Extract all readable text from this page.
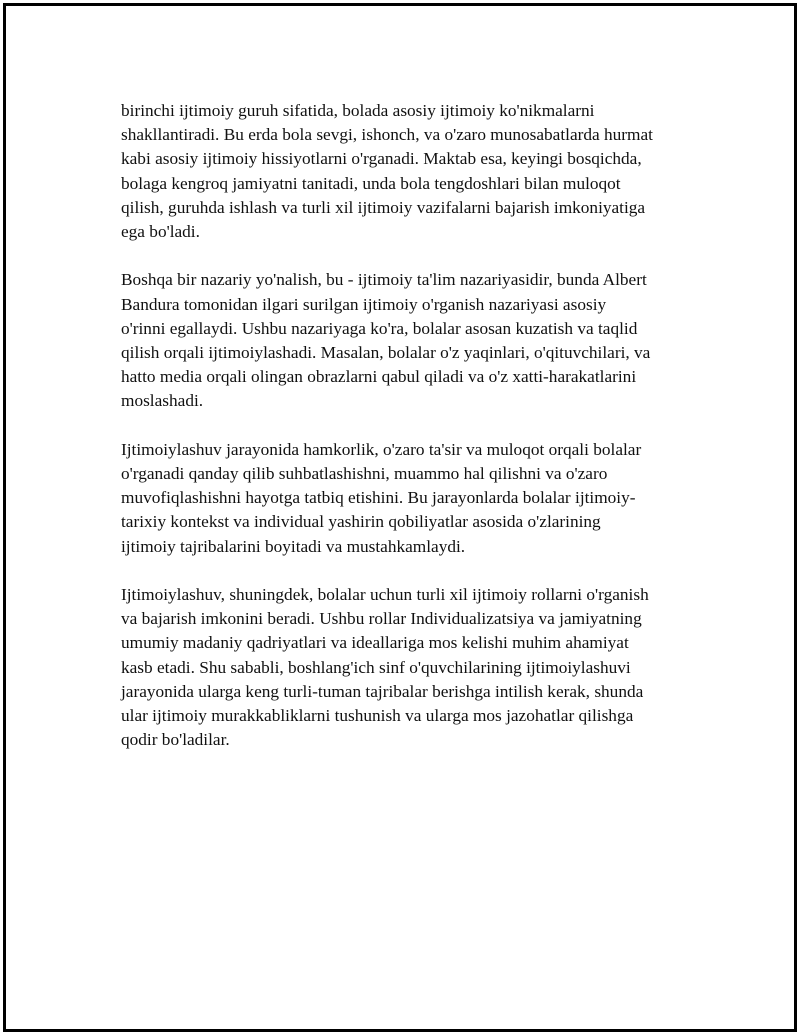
birinchi ijtimoiy guruh sifatida, bolada asosiy ijtimoiy ko'nikmalarni
shakllantiradi. Bu erda bola sevgi, ishonch, va o'zaro munosabatlarda hurmat
kabi asosiy ijtimoiy hissiyotlarni o'rganadi. Maktab esa, keyingi bosqichda,
bolaga kengroq jamiyatni tanitadi, unda bola tengdoshlari bilan muloqot
qilish, guruhda ishlash va turli xil ijtimoiy vazifalarni bajarish imkoniyatiga
ega bo'ladi.

Boshqa bir nazariy yo'nalish, bu - ijtimoiy ta'lim nazariyasidir, bunda Albert
Bandura tomonidan ilgari surilgan ijtimoiy o'rganish nazariyasi asosiy
o'rinni egallaydi. Ushbu nazariyaga ko'ra, bolalar asosan kuzatish va taqlid
qilish orqali ijtimoiylashadi. Masalan, bolalar o'z yaqinlari, o'qituvchilari, va
hatto media orqali olingan obrazlarni qabul qiladi va o'z xatti-harakatlarini
moslashadi.

Ijtimoiylashuv jarayonida hamkorlik, o'zaro ta'sir va muloqot orqali bolalar
o'rganadi qanday qilib suhbatlashishni, muammo hal qilishni va o'zaro
muvofiqlashishni hayotga tatbiq etishini. Bu jarayonlarda bolalar ijtimoiy-
tarixiy kontekst va individual yashirin qobiliyatlar asosida o'zlarining
ijtimoiy tajribalarini boyitadi va mustahkamlaydi.

Ijtimoiylashuv, shuningdek, bolalar uchun turli xil ijtimoiy rollarni o'rganish
va bajarish imkonini beradi. Ushbu rollar Individualizatsiya va jamiyatning
umumiy madaniy qadriyatlari va ideallariga mos kelishi muhim ahamiyat
kasb etadi. Shu sababli, boshlang'ich sinf o'quvchilarining ijtimoiylashuvi
jarayonida ularga keng turli-tuman tajribalar berishga intilish kerak, shunda
ular ijtimoiy murakkabliklarni tushunish va ularga mos jazohatlar qilishga
qodir bo'ladilar.
